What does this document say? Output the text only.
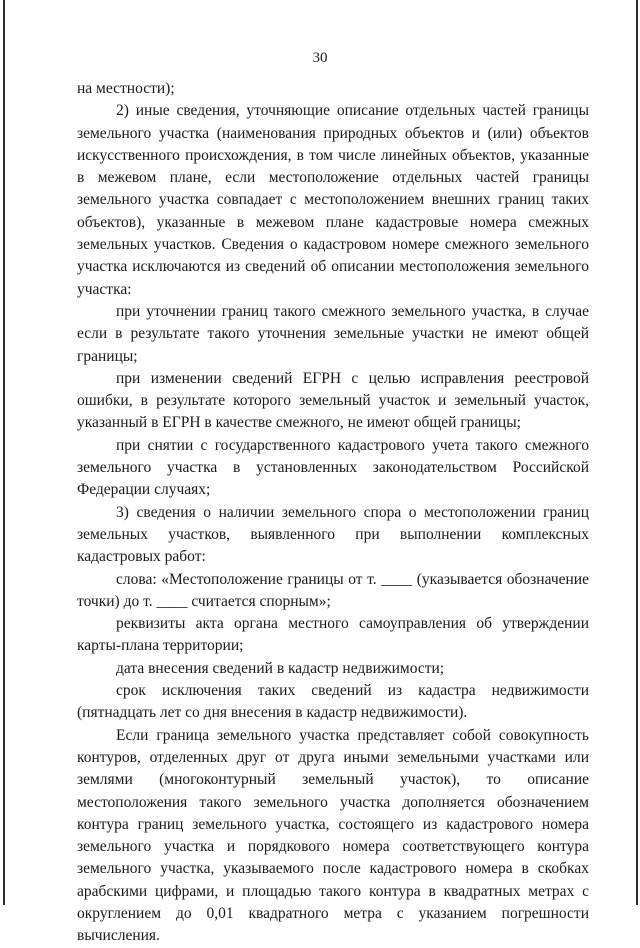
30

на местности);

2) иные сведения, уточняющие описание отдельных частей границы земельного участка (наименования природных объектов и (или) объектов искусственного происхождения, в том числе линейных объектов, указанные в межевом плане, если местоположение отдельных частей границы земельного участка совпадает с местоположением внешних границ таких объектов), указанные в межевом плане кадастровые номера смежных земельных участков. Сведения о кадастровом номере смежного земельного участка исключаются из сведений об описании местоположения земельного участка:

при уточнении границ такого смежного земельного участка, в случае если в результате такого уточнения земельные участки не имеют общей границы;

при изменении сведений ЕГРН с целью исправления реестровой ошибки, в результате которого земельный участок и земельный участок, указанный в ЕГРН в качестве смежного, не имеют общей границы;

при снятии с государственного кадастрового учета такого смежного земельного участка в установленных законодательством Российской Федерации случаях;

3) сведения о наличии земельного спора о местоположении границ земельных участков, выявленного при выполнении комплексных кадастровых работ:

слова: «Местоположение границы от т. ____ (указывается обозначение точки) до т. ____ считается спорным»;

реквизиты акта органа местного самоуправления об утверждении карты-плана территории;

дата внесения сведений в кадастр недвижимости;

срок исключения таких сведений из кадастра недвижимости (пятнадцать лет со дня внесения в кадастр недвижимости).

Если граница земельного участка представляет собой совокупность контуров, отделенных друг от друга иными земельными участками или землями (многоконтурный земельный участок), то описание местоположения такого земельного участка дополняется обозначением контура границ земельного участка, состоящего из кадастрового номера земельного участка и порядкового номера соответствующего контура земельного участка, указываемого после кадастрового номера в скобках арабскими цифрами, и площадью такого контура в квадратных метрах с округлением до 0,01 квадратного метра с указанием погрешности вычисления.
